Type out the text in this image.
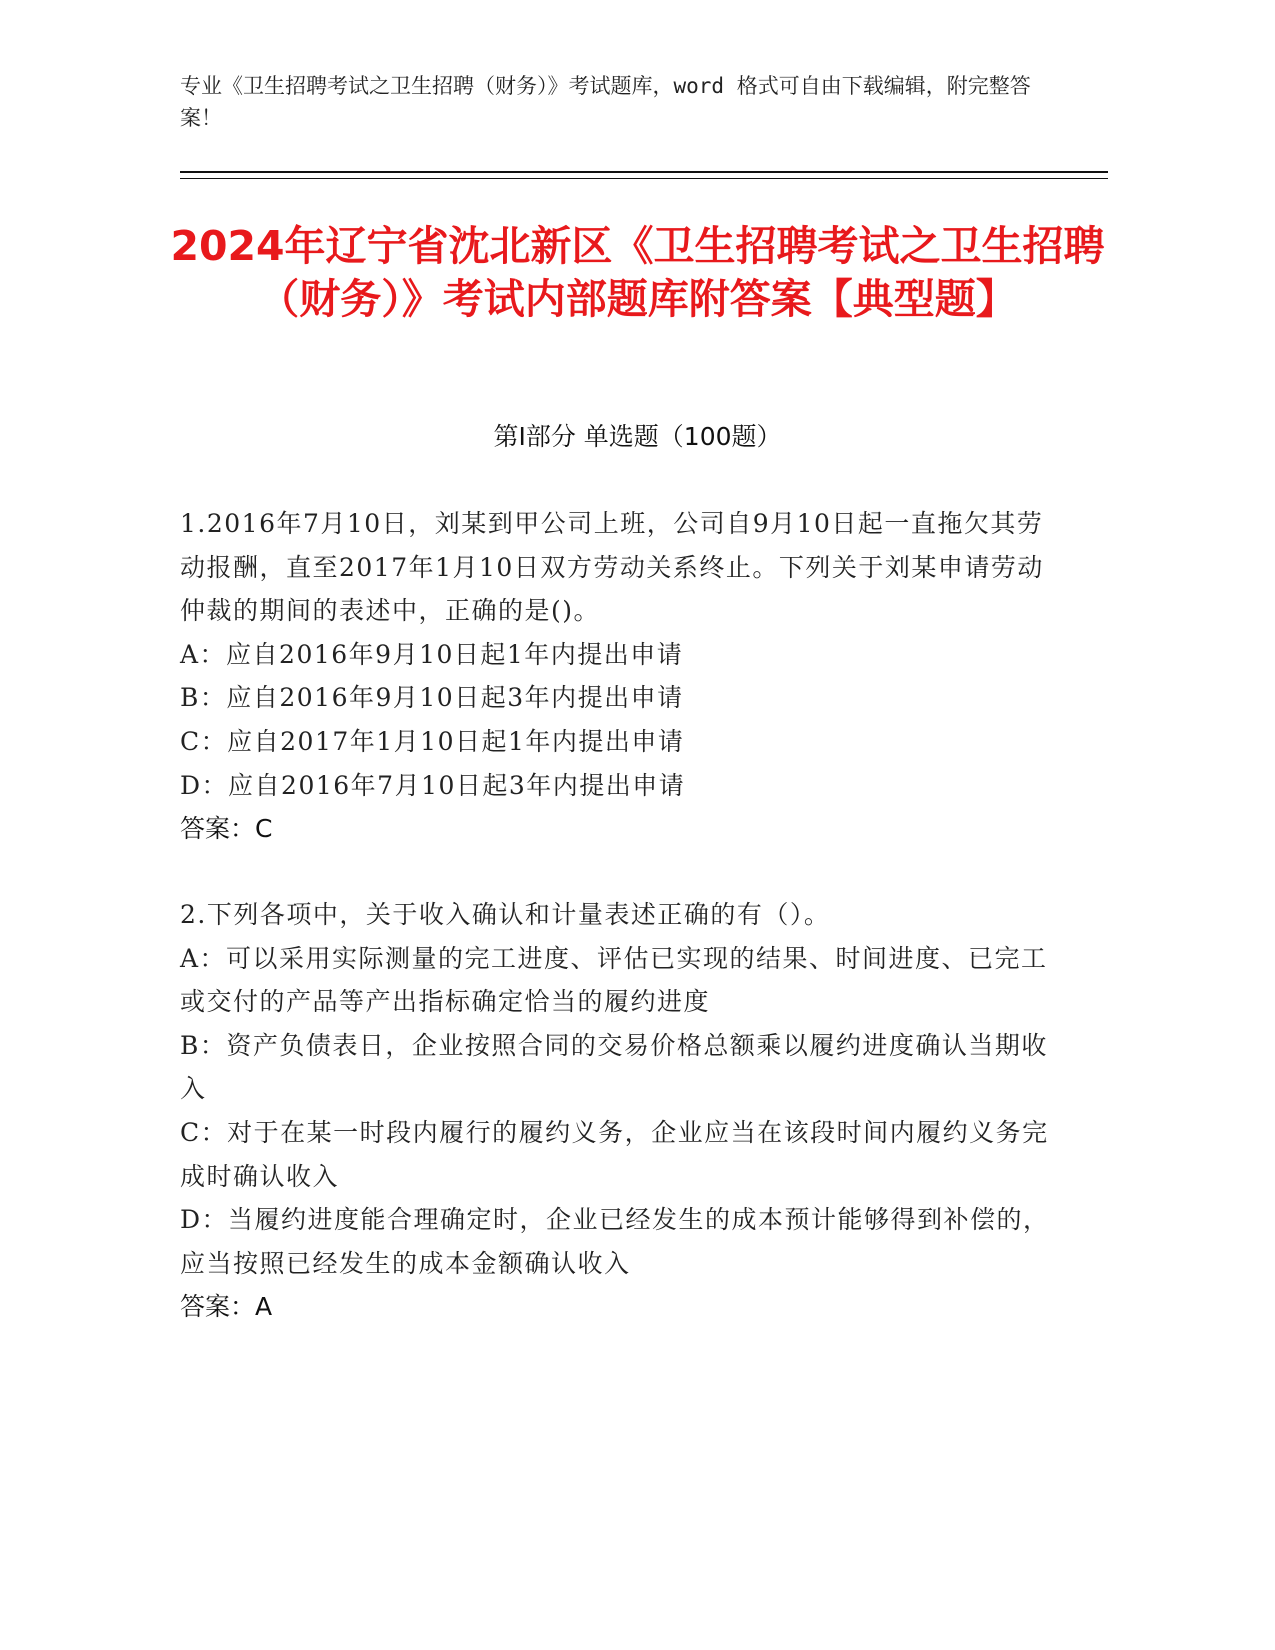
专业《卫生招聘考试之卫生招聘（财务）》考试题库，word 格式可自由下载编辑，附完整答案！
2024年辽宁省沈北新区《卫生招聘考试之卫生招聘（财务）》考试内部题库附答案【典型题】
第Ⅰ部分 单选题（100题）
1.2016年7月10日，刘某到甲公司上班，公司自9月10日起一直拖欠其劳动报酬，直至2017年1月10日双方劳动关系终止。下列关于刘某申请劳动仲裁的期间的表述中，正确的是()。
A：应自2016年9月10日起1年内提出申请
B：应自2016年9月10日起3年内提出申请
C：应自2017年1月10日起1年内提出申请
D：应自2016年7月10日起3年内提出申请
答案：C
2.下列各项中，关于收入确认和计量表述正确的有（）。
A：可以采用实际测量的完工进度、评估已实现的结果、时间进度、已完工或交付的产品等产出指标确定恰当的履约进度
B：资产负债表日，企业按照合同的交易价格总额乘以履约进度确认当期收入
C：对于在某一时段内履行的履约义务，企业应当在该段时间内履约义务完成时确认收入
D：当履约进度能合理确定时，企业已经发生的成本预计能够得到补偿的，应当按照已经发生的成本金额确认收入
答案：A
